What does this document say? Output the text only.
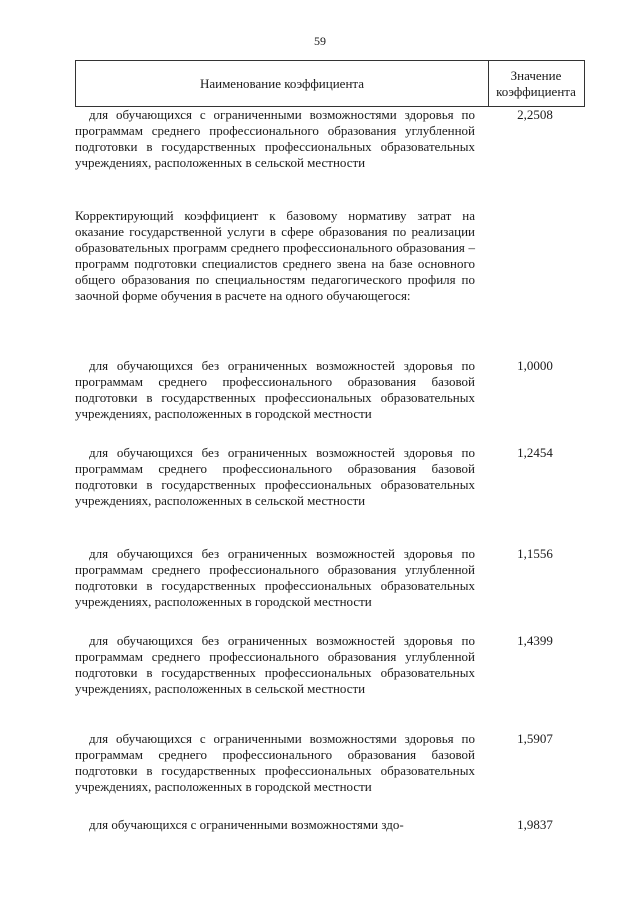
59
Наименование коэффициента
Значение коэффициента
для обучающихся с ограниченными возможностями здоровья по программам среднего профессионального образования углубленной подготовки в государственных профессиональных образовательных учреждениях, расположенных в сельской местности
2,2508
Корректирующий коэффициент к базовому нормативу затрат на оказание государственной услуги в сфере образования по реализации образовательных программ среднего профессионального образования – программ подготовки специалистов среднего звена на базе основного общего образования по специальностям педагогического профиля по заочной форме обучения в расчете на одного обучающегося:
для обучающихся без ограниченных возможностей здоровья по программам среднего профессионального образования базовой подготовки в государственных профессиональных образовательных учреждениях, расположенных в городской местности
1,0000
для обучающихся без ограниченных возможностей здоровья по программам среднего профессионального образования базовой подготовки в государственных профессиональных образовательных учреждениях, расположенных в сельской местности
1,2454
для обучающихся без ограниченных возможностей здоровья по программам среднего профессионального образования углубленной подготовки в государственных профессиональных образовательных учреждениях, расположенных в городской местности
1,1556
для обучающихся без ограниченных возможностей здоровья по программам среднего профессионального образования углубленной подготовки в государственных профессиональных образовательных учреждениях, расположенных в сельской местности
1,4399
для обучающихся с ограниченными возможностями здоровья по программам среднего профессионального образования базовой подготовки в государственных профессиональных образовательных учреждениях, расположенных в городской местности
1,5907
для обучающихся с ограниченными возможностями здо-	1,9837
